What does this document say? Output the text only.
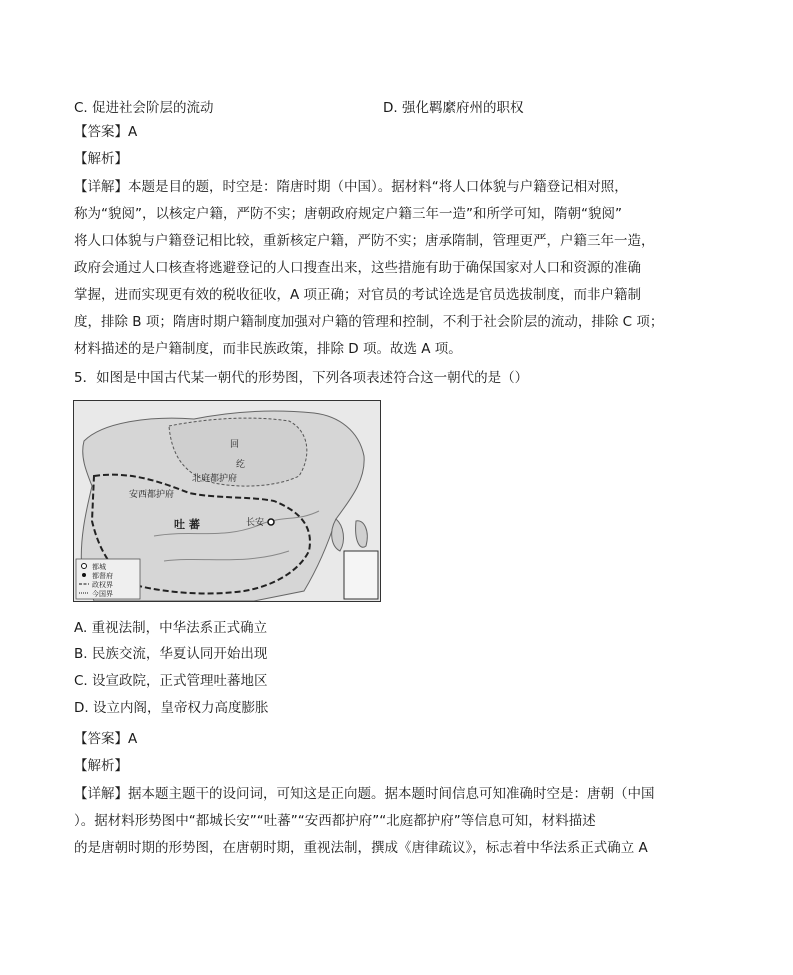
C. 促进社会阶层的流动	D. 强化羁縻府州的职权
【答案】A
【解析】
【详解】本题是目的题，时空是：隋唐时期（中国）。据材料“将人口体貌与户籍登记相对照，
称为“貌阅”，以核定户籍，严防不实；唐朝政府规定户籍三年一造”和所学可知，隋朝“貌阅”
将人口体貌与户籍登记相比较，重新核定户籍，严防不实；唐承隋制，管理更严，户籍三年一造，
政府会通过人口核查将逃避登记的人口搜查出来，这些措施有助于确保国家对人口和资源的准确
掌握，进而实现更有效的税收征收，A 项正确；对官员的考试诠选是官员选拔制度，而非户籍制
度，排除 B 项；隋唐时期户籍制度加强对户籍的管理和控制，不利于社会阶层的流动，排除 C 项；
材料描述的是户籍制度，而非民族政策，排除 D 项。故选 A 项。
5．如图是中国古代某一朝代的形势图，下列各项表述符合这一朝代的是（）
回
纥
北庭都护府
安西都护府
吐 蕃	长安
都城
都督府
政权界
今国界
A. 重视法制，中华法系正式确立
B. 民族交流，华夏认同开始出现
C. 设宣政院，正式管理吐蕃地区
D. 设立内阁，皇帝权力高度膨胀
【答案】A
【解析】
【详解】据本题主题干的设问词，可知这是正向题。据本题时间信息可知准确时空是：唐朝（中国
）。据材料形势图中“都城长安”“吐蕃”“安西都护府”“北庭都护府”等信息可知，材料描述
的是唐朝时期的形势图，在唐朝时期，重视法制，撰成《唐律疏议》，标志着中华法系正式确立 A
